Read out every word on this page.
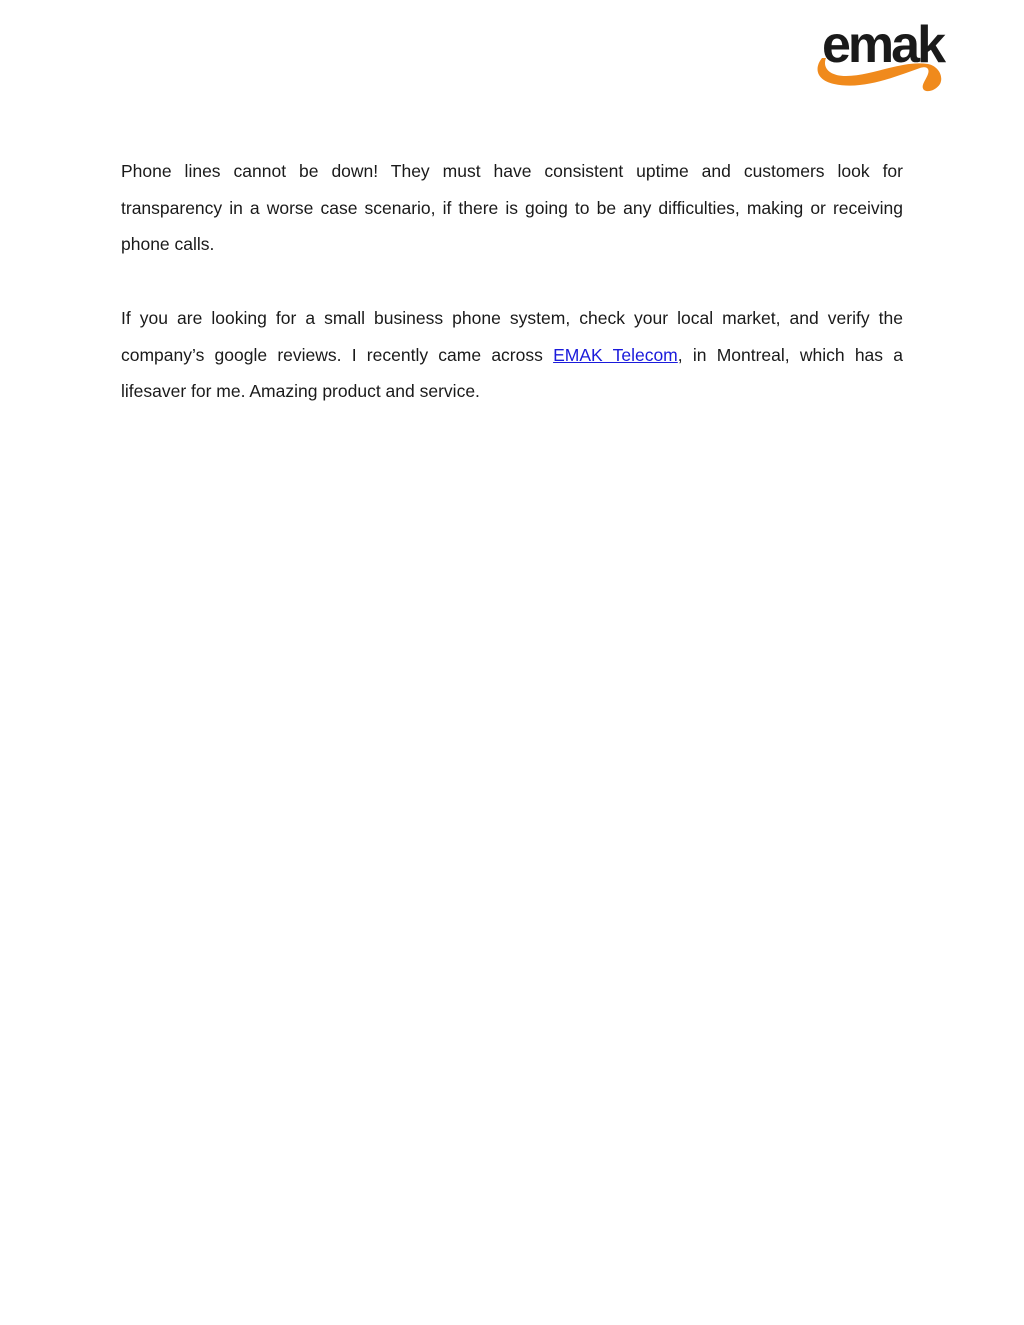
emak

Phone lines cannot be down! They must have consistent uptime and customers look for transparency in a worse case scenario, if there is going to be any difficulties, making or receiving phone calls.

If you are looking for a small business phone system, check your local market, and verify the company’s google reviews. I recently came across EMAK Telecom, in Montreal, which has a lifesaver for me. Amazing product and service.
